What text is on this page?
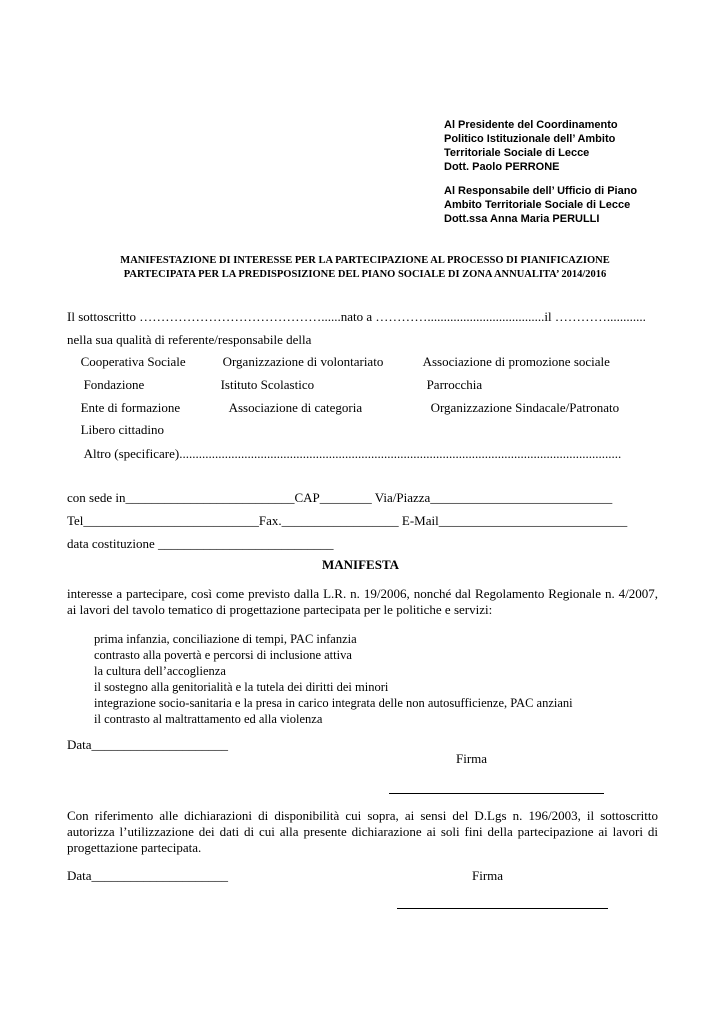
Al Presidente del Coordinamento
Politico Istituzionale dell’ Ambito
Territoriale Sociale di Lecce
Dott. Paolo PERRONE
Al Responsabile dell’ Ufficio di Piano
Ambito Territoriale Sociale di Lecce
Dott.ssa Anna Maria PERULLI
MANIFESTAZIONE DI INTERESSE PER LA PARTECIPAZIONE AL PROCESSO DI PIANIFICAZIONE
PARTECIPATA PER LA PREDISPOSIZIONE DEL PIANO SOCIALE DI ZONA ANNUALITA’ 2014/2016
Il sottoscritto ……………………………………......nato a …………....................................il …………............
nella sua qualità di referente/responsabile della
Cooperativa Sociale	Organizzazione di volontariato	Associazione di promozione sociale
Fondazione	Istituto Scolastico	Parrocchia
Ente di formazione	Associazione di categoria	Organizzazione Sindacale/Patronato
Libero cittadino
Altro (specificare)........................................................................................................................................
con sede in__________________________CAP________ Via/Piazza____________________________
Tel___________________________Fax.__________________ E-Mail_____________________________
data costituzione ___________________________
MANIFESTA
interesse a partecipare, così come previsto dalla L.R. n. 19/2006, nonché dal Regolamento Regionale n. 4/2007, ai lavori del tavolo tematico di progettazione partecipata per le politiche e servizi:
prima infanzia, conciliazione di tempi, PAC infanzia
contrasto alla povertà e percorsi di inclusione attiva
la cultura dell’accoglienza
il sostegno alla genitorialità e la tutela dei diritti dei minori
integrazione socio-sanitaria e la presa in carico integrata delle non autosufficienze, PAC anziani
il contrasto al maltrattamento ed alla violenza
Data_____________________
Firma
Con riferimento alle dichiarazioni di disponibilità cui sopra, ai sensi del D.Lgs n. 196/2003, il sottoscritto autorizza l’utilizzazione dei dati di cui alla presente dichiarazione ai soli fini della partecipazione ai lavori di progettazione partecipata.
Data_____________________	Firma
